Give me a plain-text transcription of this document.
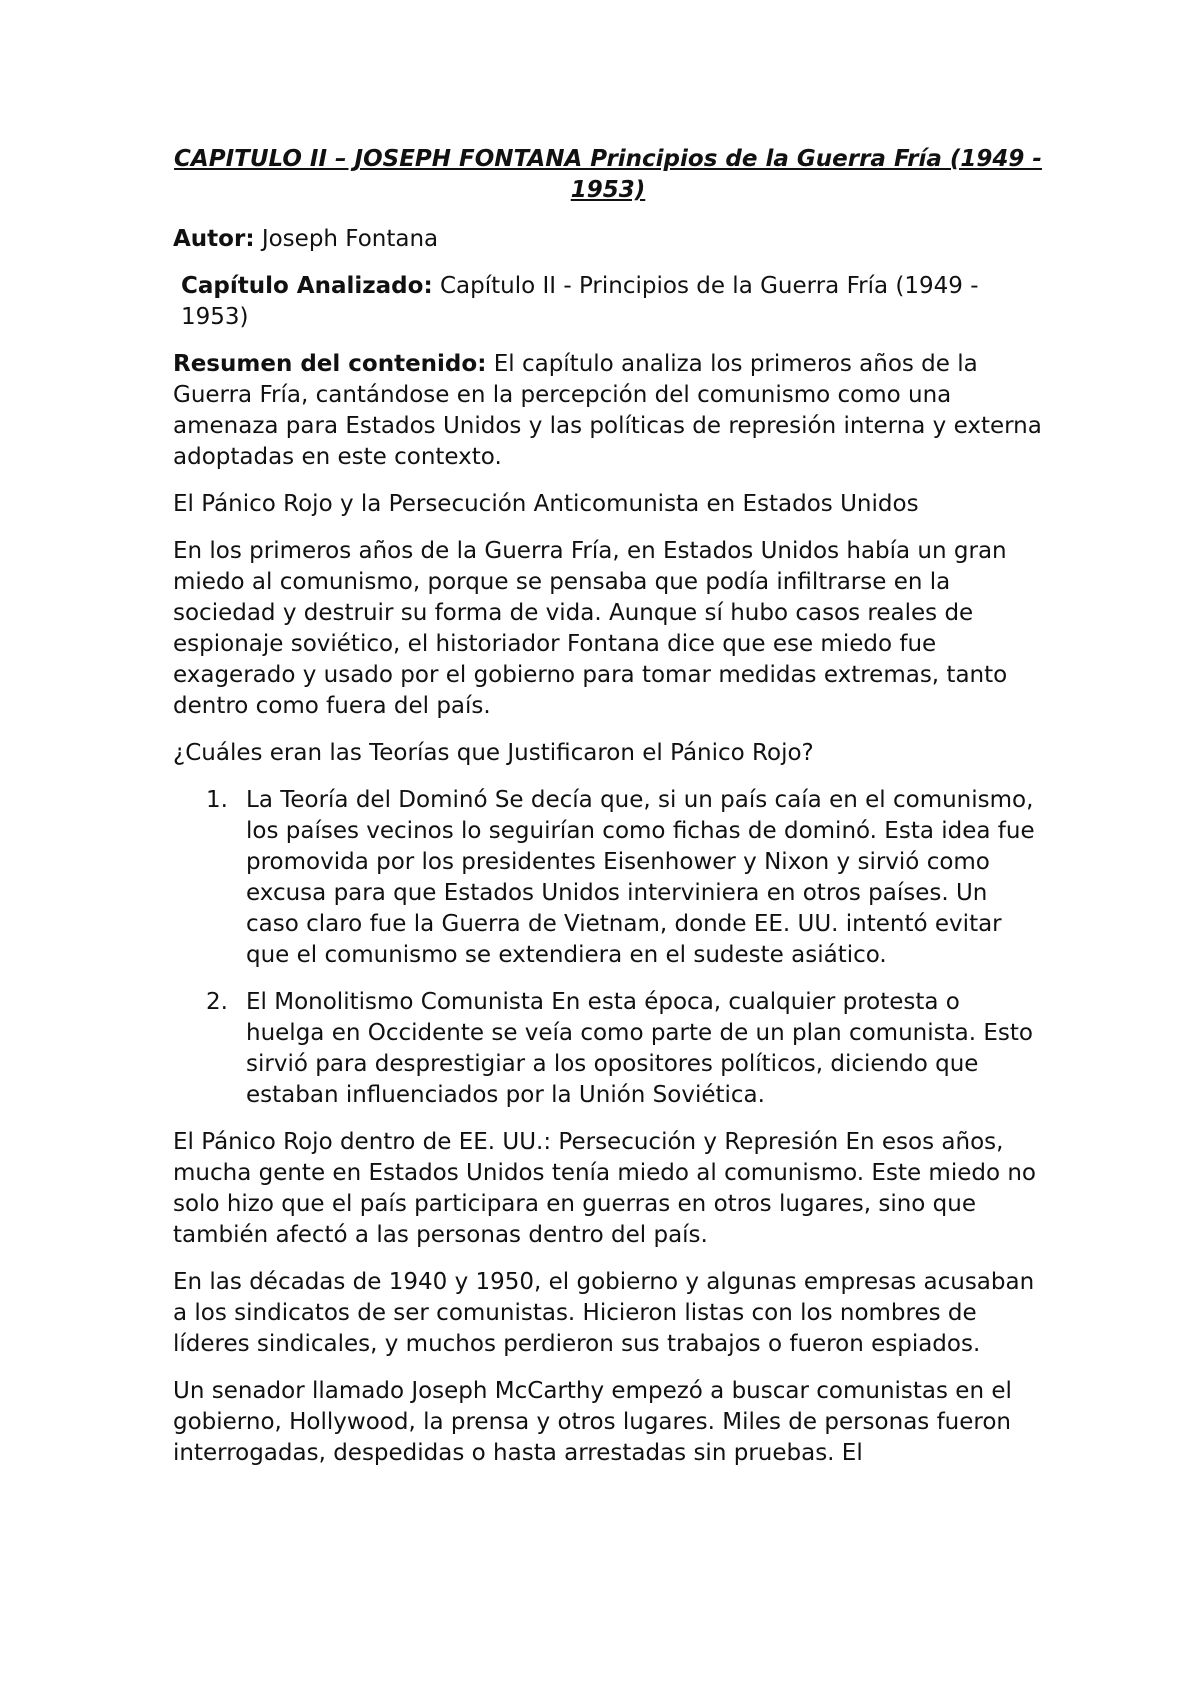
CAPITULO II – JOSEPH FONTANA Principios de la Guerra Fría (1949 - 1953)

Autor: Joseph Fontana

Capítulo Analizado: Capítulo II - Principios de la Guerra Fría (1949 - 1953)

Resumen del contenido: El capítulo analiza los primeros años de la Guerra Fría, cantándose en la percepción del comunismo como una amenaza para Estados Unidos y las políticas de represión interna y externa adoptadas en este contexto.

El Pánico Rojo y la Persecución Anticomunista en Estados Unidos

En los primeros años de la Guerra Fría, en Estados Unidos había un gran miedo al comunismo, porque se pensaba que podía infiltrarse en la sociedad y destruir su forma de vida. Aunque sí hubo casos reales de espionaje soviético, el historiador Fontana dice que ese miedo fue exagerado y usado por el gobierno para tomar medidas extremas, tanto dentro como fuera del país.

¿Cuáles eran las Teorías que Justificaron el Pánico Rojo?

1. La Teoría del Dominó Se decía que, si un país caía en el comunismo, los países vecinos lo seguirían como fichas de dominó. Esta idea fue promovida por los presidentes Eisenhower y Nixon y sirvió como excusa para que Estados Unidos interviniera en otros países. Un caso claro fue la Guerra de Vietnam, donde EE. UU. intentó evitar que el comunismo se extendiera en el sudeste asiático.
2. El Monolitismo Comunista En esta época, cualquier protesta o huelga en Occidente se veía como parte de un plan comunista. Esto sirvió para desprestigiar a los opositores políticos, diciendo que estaban influenciados por la Unión Soviética.

El Pánico Rojo dentro de EE. UU.: Persecución y Represión En esos años, mucha gente en Estados Unidos tenía miedo al comunismo. Este miedo no solo hizo que el país participara en guerras en otros lugares, sino que también afectó a las personas dentro del país.

En las décadas de 1940 y 1950, el gobierno y algunas empresas acusaban a los sindicatos de ser comunistas. Hicieron listas con los nombres de líderes sindicales, y muchos perdieron sus trabajos o fueron espiados.

Un senador llamado Joseph McCarthy empezó a buscar comunistas en el gobierno, Hollywood, la prensa y otros lugares. Miles de personas fueron interrogadas, despedidas o hasta arrestadas sin pruebas. El
